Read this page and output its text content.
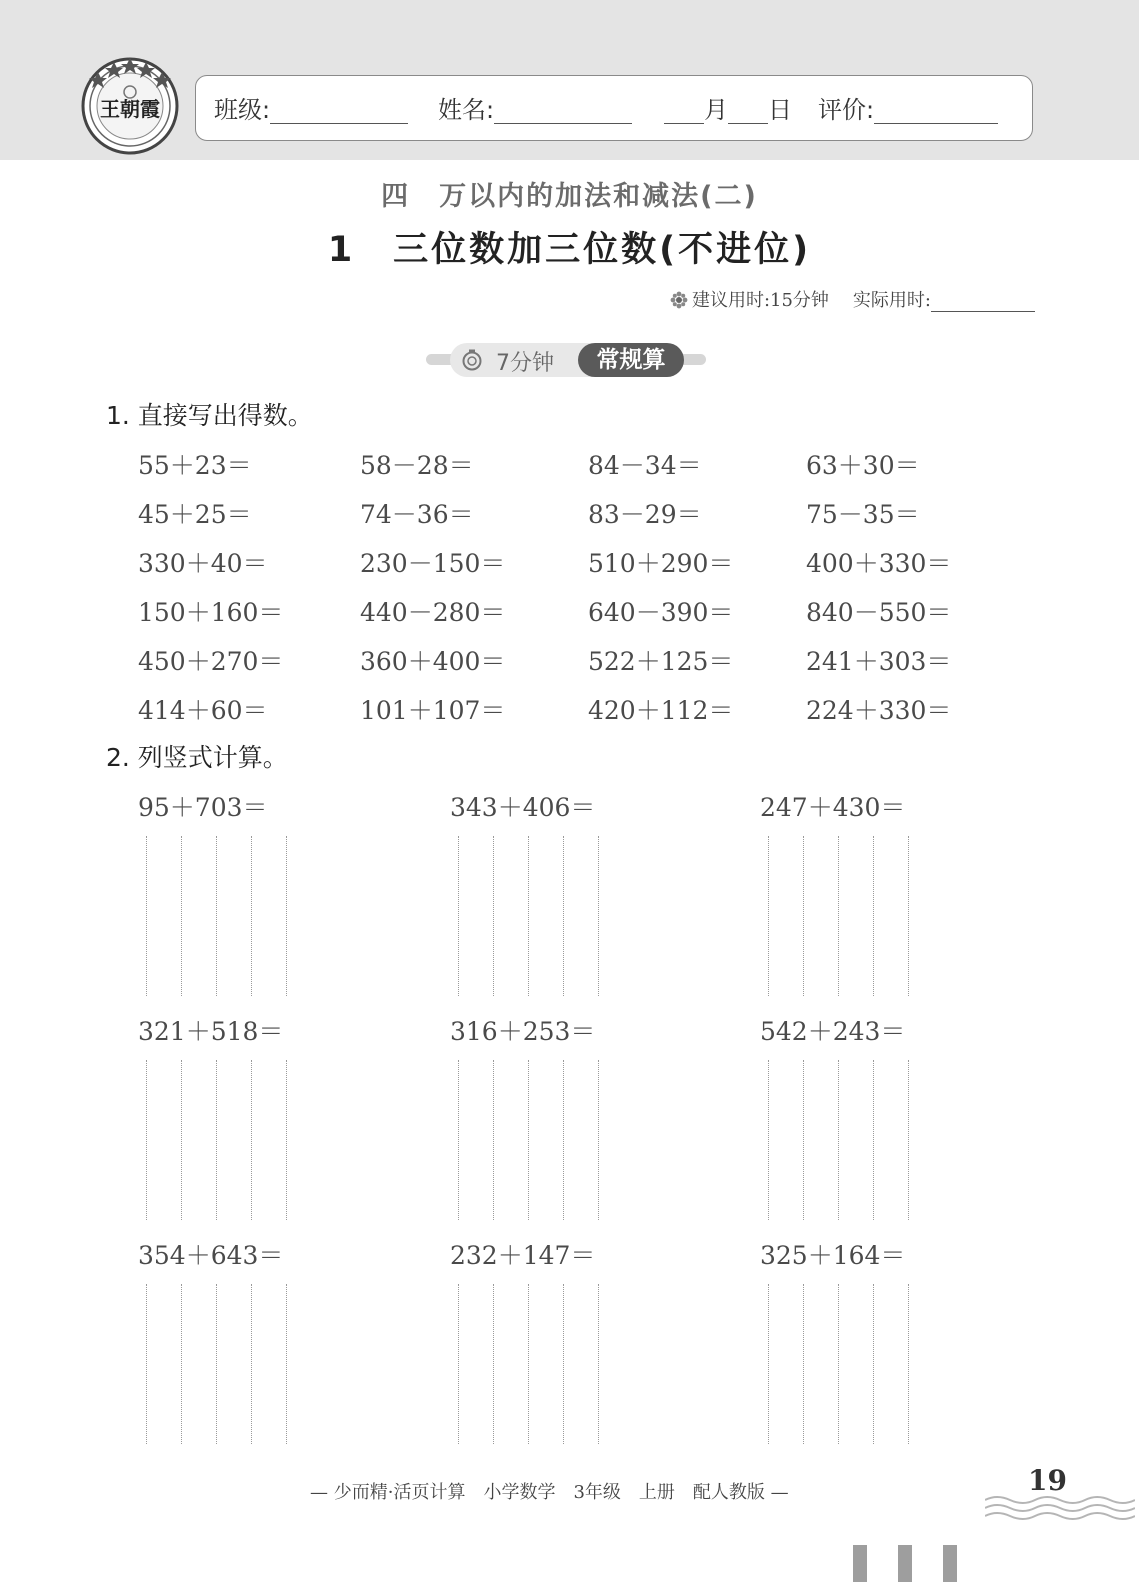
王朝霞 班级:	姓名:	月 日 评价:
四　万以内的加法和减法(二)
1　三位数加三位数(不进位)
建议用时:15分钟 实际用时:
7分钟	常规算
1. 直接写出得数。
55＋23＝	58－28＝	84－34＝	63＋30＝
45＋25＝	74－36＝	83－29＝	75－35＝
330＋40＝	230－150＝	510＋290＝	400＋330＝
150＋160＝	440－280＝	640－390＝	840－550＝
450＋270＝	360＋400＝	522＋125＝	241＋303＝
414＋60＝	101＋107＝	420＋112＝	224＋330＝
2. 列竖式计算。
95＋703＝	343＋406＝	247＋430＝
321＋518＝	316＋253＝	542＋243＝
354＋643＝	232＋147＝	325＋164＝
— 少而精·活页计算　小学数学　3年级　上册　配人教版 —	19
